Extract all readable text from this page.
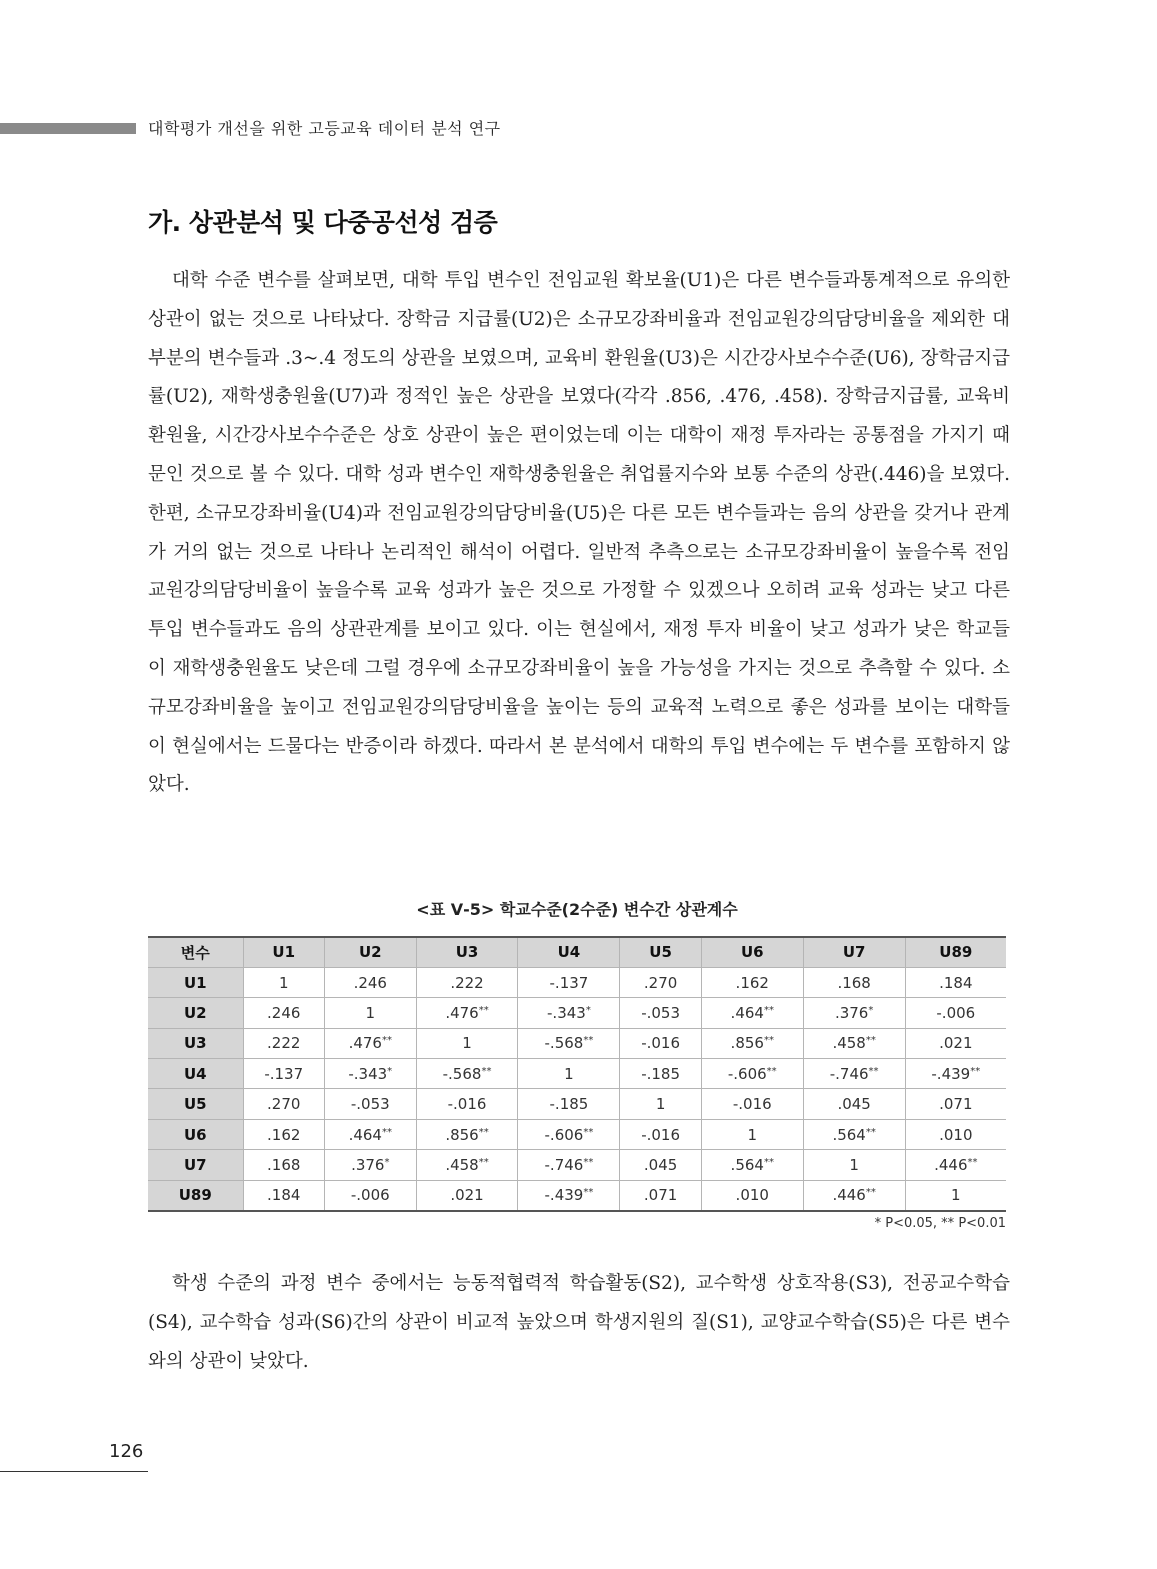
대학평가 개선을 위한 고등교육 데이터 분석 연구
가. 상관분석 및 다중공선성 검증

대학 수준 변수를 살펴보면, 대학 투입 변수인 전임교원 확보율(U1)은 다른 변수들과통계적으로 유의한 상관이 없는 것으로 나타났다. 장학금 지급률(U2)은 소규모강좌비율과 전임교원강의담당비율을 제외한 대부분의 변수들과 .3~.4 정도의 상관을 보였으며, 교육비 환원율(U3)은 시간강사보수수준(U6), 장학금지급률(U2), 재학생충원율(U7)과 정적인 높은 상관을 보였다(각각 .856, .476, .458). 장학금지급률, 교육비환원율, 시간강사보수수준은 상호 상관이 높은 편이었는데 이는 대학이 재정 투자라는 공통점을 가지기 때문인 것으로 볼 수 있다. 대학 성과 변수인 재학생충원율은 취업률지수와 보통 수준의 상관(.446)을 보였다. 한편, 소규모강좌비율(U4)과 전임교원강의담당비율(U5)은 다른 모든 변수들과는 음의 상관을 갖거나 관계가 거의 없는 것으로 나타나 논리적인 해석이 어렵다. 일반적 추측으로는 소규모강좌비율이 높을수록 전임교원강의담당비율이 높을수록 교육 성과가 높은 것으로 가정할 수 있겠으나 오히려 교육 성과는 낮고 다른 투입 변수들과도 음의 상관관계를 보이고 있다. 이는 현실에서, 재정 투자 비율이 낮고 성과가 낮은 학교들이 재학생충원율도 낮은데 그럴 경우에 소규모강좌비율이 높을 가능성을 가지는 것으로 추측할 수 있다. 소규모강좌비율을 높이고 전임교원강의담당비율을 높이는 등의 교육적 노력으로 좋은 성과를 보이는 대학들이 현실에서는 드물다는 반증이라 하겠다. 따라서 본 분석에서 대학의 투입 변수에는 두 변수를 포함하지 않았다.

<표 Ⅴ-5> 학교수준(2수준) 변수간 상관계수
변수	U1	U2	U3	U4	U5	U6	U7	U89
U1	1	.246	.222	-.137	.270	.162	.168	.184
U2	.246	1	.476**	-.343*	-.053	.464**	.376*	-.006
U3	.222	.476**	1	-.568**	-.016	.856**	.458**	.021
U4	-.137	-.343*	-.568**	1	-.185	-.606**	-.746**	-.439**
U5	.270	-.053	-.016	-.185	1	-.016	.045	.071
U6	.162	.464**	.856**	-.606**	-.016	1	.564**	.010
U7	.168	.376*	.458**	-.746**	.045	.564**	1	.446**
U89	.184	-.006	.021	-.439**	.071	.010	.446**	1
* P<0.05, ** P<0.01

학생 수준의 과정 변수 중에서는 능동적협력적 학습활동(S2), 교수학생 상호작용(S3), 전공교수학습(S4), 교수학습 성과(S6)간의 상관이 비교적 높았으며 학생지원의 질(S1), 교양교수학습(S5)은 다른 변수와의 상관이 낮았다.

126
